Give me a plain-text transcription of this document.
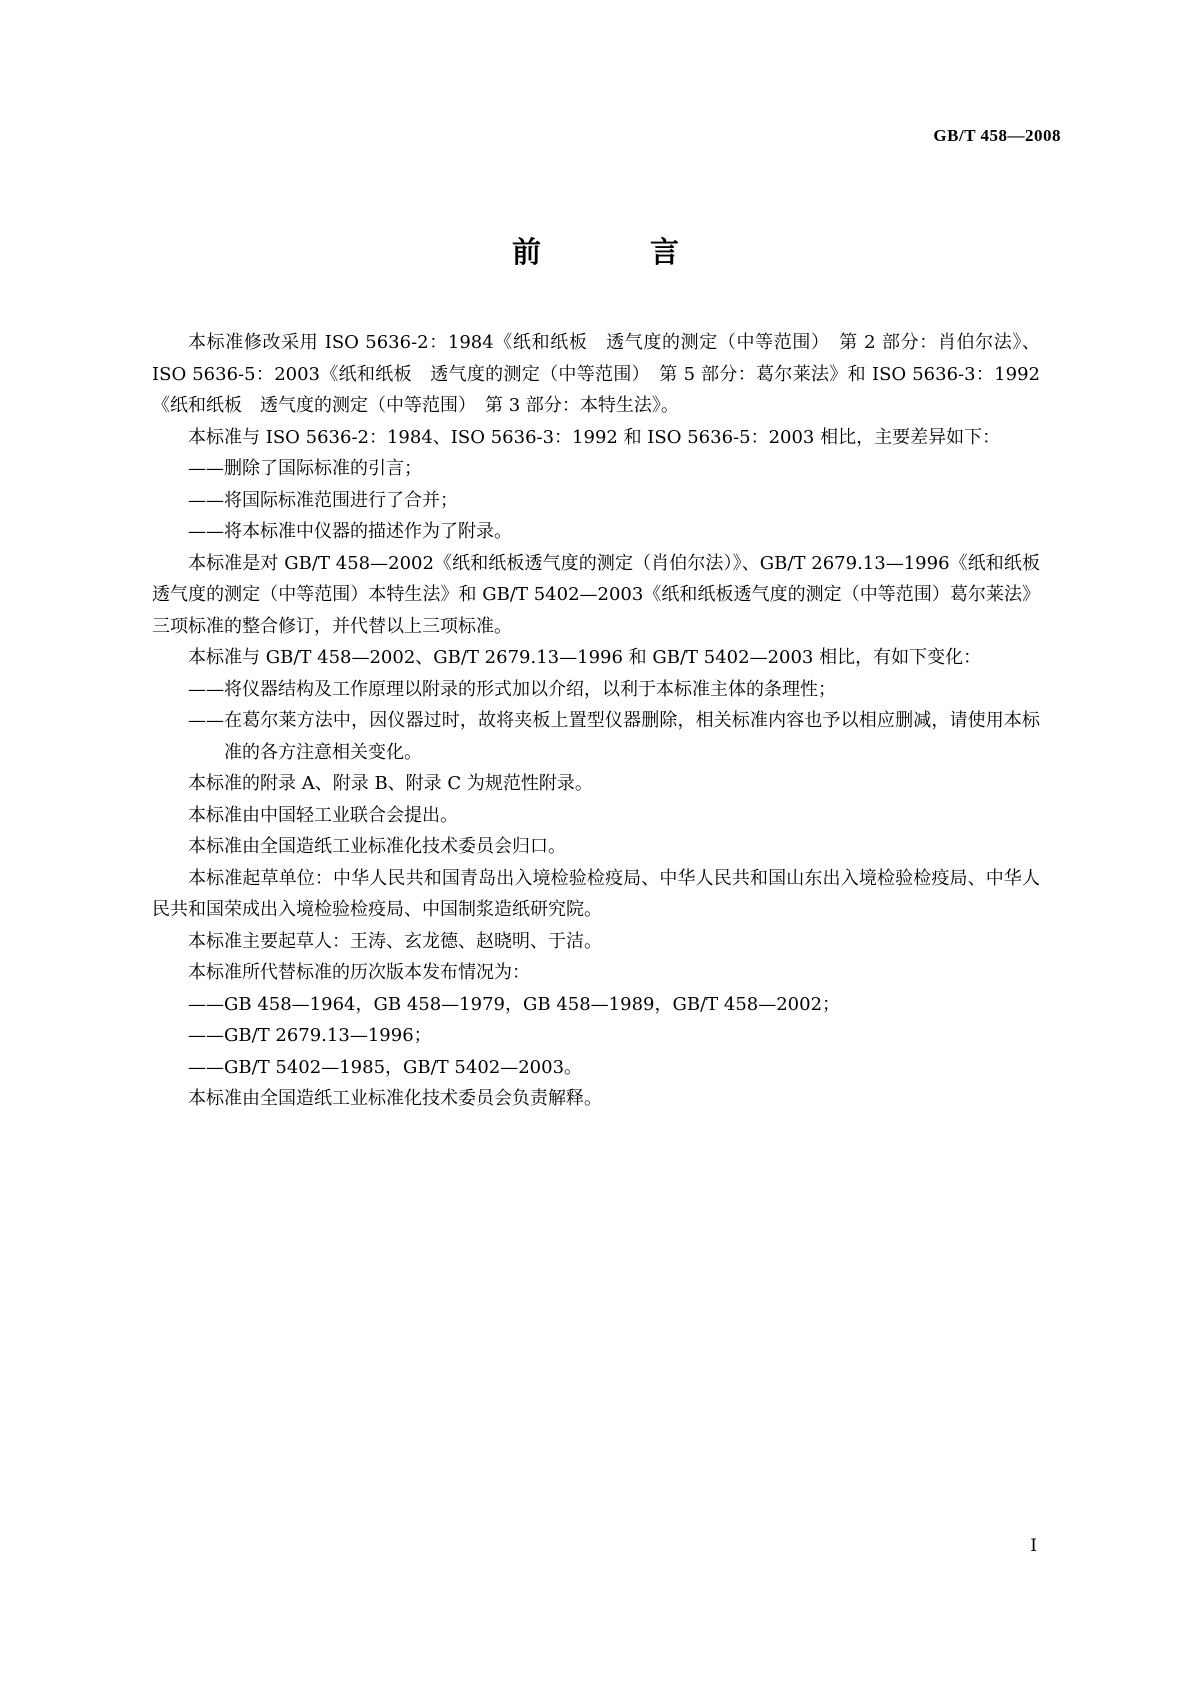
GB/T 458—2008
前　言

本标准修改采用 ISO 5636-2：1984《纸和纸板　透气度的测定（中等范围）　第 2 部分：肖伯尔法》、ISO 5636-5：2003《纸和纸板　透气度的测定（中等范围）　第 5 部分：葛尔莱法》和 ISO 5636-3：1992《纸和纸板　透气度的测定（中等范围）　第 3 部分：本特生法》。

本标准与 ISO 5636-2：1984、ISO 5636-3：1992 和 ISO 5636-5：2003 相比，主要差异如下：

——删除了国际标准的引言；

——将国际标准范围进行了合并；

——将本标准中仪器的描述作为了附录。

本标准是对 GB/T 458—2002《纸和纸板透气度的测定（肖伯尔法）》、GB/T 2679.13—1996《纸和纸板透气度的测定（中等范围）本特生法》和 GB/T 5402—2003《纸和纸板透气度的测定（中等范围）葛尔莱法》三项标准的整合修订，并代替以上三项标准。

本标准与 GB/T 458—2002、GB/T 2679.13—1996 和 GB/T 5402—2003 相比，有如下变化：

——将仪器结构及工作原理以附录的形式加以介绍，以利于本标准主体的条理性；

——在葛尔莱方法中，因仪器过时，故将夹板上置型仪器删除，相关标准内容也予以相应删减，请使用本标准的各方注意相关变化。

本标准的附录 A、附录 B、附录 C 为规范性附录。

本标准由中国轻工业联合会提出。

本标准由全国造纸工业标准化技术委员会归口。

本标准起草单位：中华人民共和国青岛出入境检验检疫局、中华人民共和国山东出入境检验检疫局、中华人民共和国荣成出入境检验检疫局、中国制浆造纸研究院。

本标准主要起草人：王涛、玄龙德、赵晓明、于洁。

本标准所代替标准的历次版本发布情况为：

——GB 458—1964，GB 458—1979，GB 458—1989，GB/T 458—2002；

——GB/T 2679.13—1996；

——GB/T 5402—1985，GB/T 5402—2003。

本标准由全国造纸工业标准化技术委员会负责解释。

Ⅰ
